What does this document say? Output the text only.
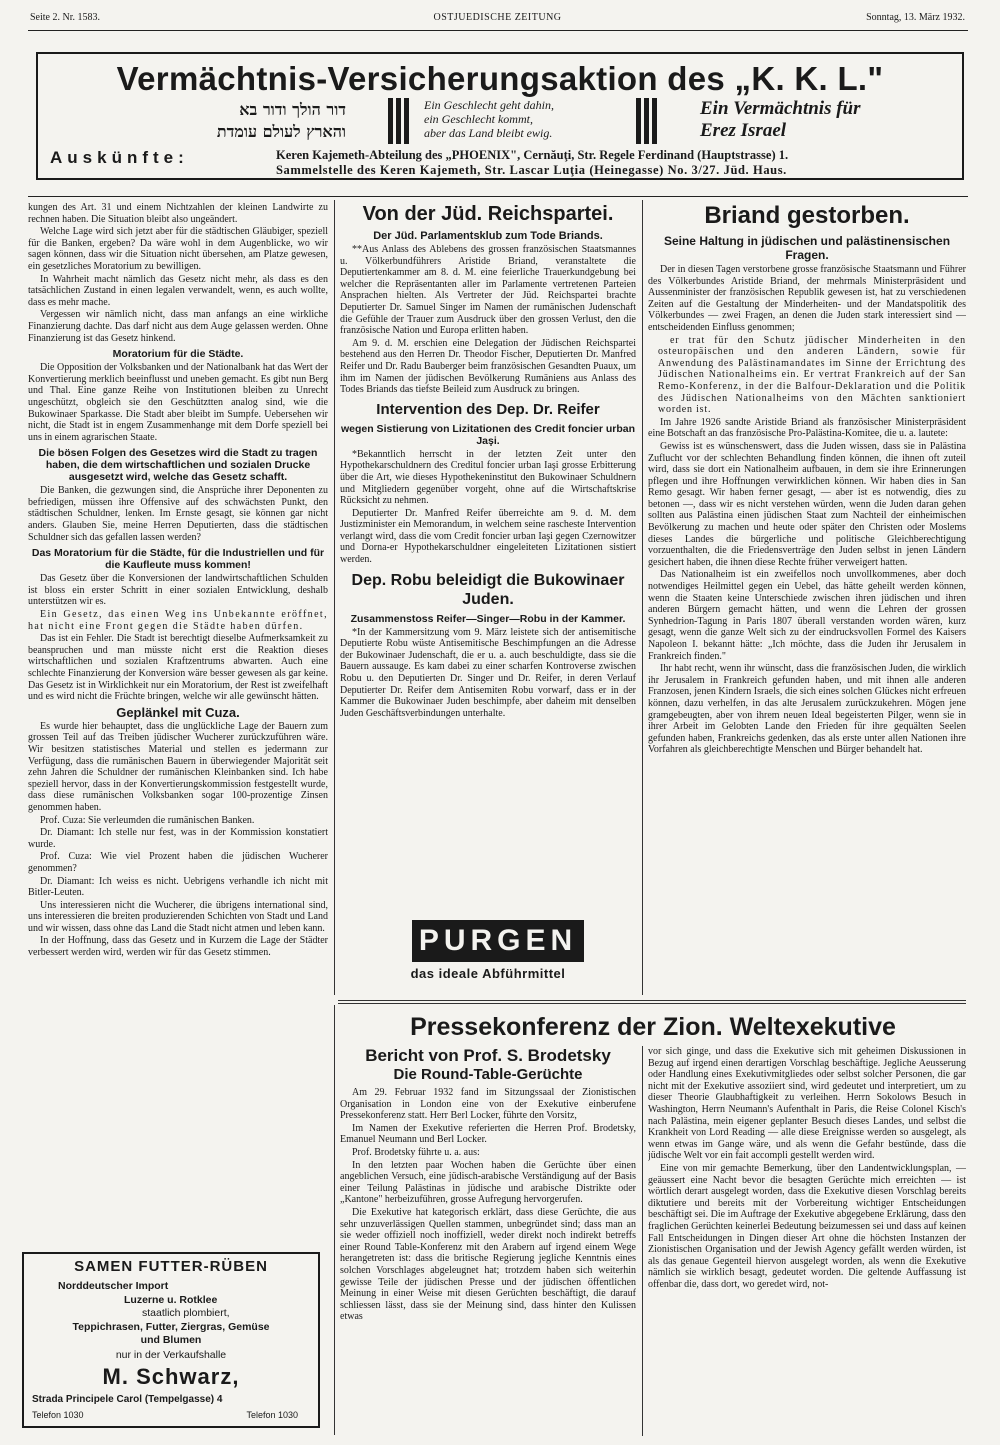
Seite 2. Nr. 1583.	OSTJUEDISCHE ZEITUNG	Sonntag, 13. März 1932.
Vermächtnis-Versicherungsaktion des „K. K. L."
דור הולך ודור בא
והארץ לעולם עומדת
Ein Geschlecht geht dahin,
ein Geschlecht kommt,
aber das Land bleibt ewig.
Ein Vermächtnis für
Erez Israel
Auskünfte:	Keren Kajemeth-Abteilung des „PHOENIX", Cernăuţi, Str. Regele Ferdinand (Hauptstrasse) 1.
Sammelstelle des Keren Kajemeth, Str. Lascar Luţia (Heinegasse) No. 3/27. Jüd. Haus.

kungen des Art. 31 und einem Nichtzahlen der kleinen Landwirte zu rechnen haben. Die Situation bleibt also ungeändert.

Welche Lage wird sich jetzt aber für die städtischen Gläubiger, speziell für die Banken, ergeben? Da wäre wohl in dem Augenblicke, wo wir sagen können, dass wir die Situation nicht übersehen, am Platze gewesen, ein gesetzliches Moratorium zu bewilligen.

In Wahrheit macht nämlich das Gesetz nicht mehr, als dass es den tatsächlichen Zustand in einen legalen verwandelt, wenn, es auch wollte, dass es mehr mache.

Vergessen wir nämlich nicht, dass man anfangs an eine wirkliche Finanzierung dachte. Das darf nicht aus dem Auge gelassen werden. Ohne Finanzierung ist das Gesetz hinkend.

Moratorium für die Städte.

Die Opposition der Volksbanken und der Nationalbank hat das Wert der Konvertierung merklich beeinflusst und uneben gemacht. Es gibt nun Berg und Thal. Eine ganze Reihe von Institutionen bleiben zu Unrecht ungeschützt, obgleich sie den Geschütztten analog sind, wie die Bukowinaer Sparkasse. Die Stadt aber bleibt im Sumpfe. Uebersehen wir nicht, die Stadt ist in engem Zusammenhange mit dem Dorfe speziell bei uns in einem agrarischen Staate.

Die bösen Folgen des Gesetzes wird die Stadt zu tragen haben, die dem wirtschaftlichen und sozialen Drucke ausgesetzt wird, welche das Gesetz schafft.

Die Banken, die gezwungen sind, die Ansprüche ihrer Deponenten zu befriedigen, müssen ihre Offensive auf des schwächsten Punkt, den städtischen Schuldner, lenken. Im Ernste gesagt, sie können gar nicht anders. Glauben Sie, meine Herren Deputierten, dass die städtischen Schuldner sich das gefallen lassen werden?

Das Moratorium für die Städte, für die Industriellen und für die Kaufleute muss kommen!

Das Gesetz über die Konversionen der landwirtschaftlichen Schulden ist bloss ein erster Schritt in einer sozialen Entwicklung, deshalb unterstützen wir es.

Ein Gesetz, das einen Weg ins Unbekannte eröffnet, hat nicht eine Front gegen die Städte haben dürfen.

Das ist ein Fehler. Die Stadt ist berechtigt dieselbe Aufmerksamkeit zu beanspruchen und man müsste nicht erst die Reaktion dieses wirtschaftlichen und sozialen Kraftzentrums abwarten. Auch eine schlechte Finanzierung der Konversion wäre besser gewesen als gar keine. Das Gesetz ist in Wirklichkeit nur ein Moratorium, der Rest ist zweifelhaft und es wird nicht die Früchte bringen, welche wir alle gewünscht hätten.

Geplänkel mit Cuza.

Es wurde hier behauptet, dass die unglückliche Lage der Bauern zum grossen Teil auf das Treiben jüdischer Wucherer zurückzuführen wäre. Wir besitzen statistisches Material und stellen es jedermann zur Verfügung, dass die rumänischen Bauern in überwiegender Majorität seit zehn Jahren die Schuldner der rumänischen Kleinbanken sind. Ich habe speziell hervor, dass in der Konvertierungskommission festgestellt wurde, dass diese rumänischen Volksbanken sogar 100-prozentige Zinsen genommen haben.

Prof. Cuza: Sie verleumden die rumänischen Banken.

Dr. Diamant: Ich stelle nur fest, was in der Kommission konstatiert wurde.

Prof. Cuza: Wie viel Prozent haben die jüdischen Wucherer genommen?

Dr. Diamant: Ich weiss es nicht. Uebrigens verhandle ich nicht mit Bitler-Leuten.

Uns interessieren nicht die Wucherer, die übrigens international sind, uns interessieren die breiten produzierenden Schichten von Stadt und Land und wir wissen, dass ohne das Land die Stadt nicht atmen und leben kann.

In der Hoffnung, dass das Gesetz und in Kurzem die Lage der Städter verbessert werden wird, werden wir für das Gesetz stimmen.

SAMEN FUTTER-RÜBEN
Norddeutscher Import
Luzerne u. Rotklee
staatlich plombiert,
Teppichrasen, Futter, Ziergras, Gemüse
und Blumen
nur in der Verkaufshalle
M. Schwarz,
Strada Principele Carol (Tempelgasse) 4
Telefon 1030	Telefon 1030
Von der Jüd. Reichspartei.
Der Jüd. Parlamentsklub zum Tode Briands.

**Aus Anlass des Ablebens des grossen französischen Staatsmannes u. Völkerbundführers Aristide Briand, veranstaltete die Deputiertenkammer am 8. d. M. eine feierliche Trauerkundgebung bei welcher die Repräsentanten aller im Parlamente vertretenen Parteien Ansprachen hielten. Als Vertreter der Jüd. Reichspartei brachte Deputierter Dr. Samuel Singer im Namen der rumänischen Judenschaft die Gefühle der Trauer zum Ausdruck über den grossen Verlust, den die französische Nation und Europa erlitten haben.

Am 9. d. M. erschien eine Delegation der Jüdischen Reichspartei bestehend aus den Herren Dr. Theodor Fischer, Deputierten Dr. Manfred Reifer und Dr. Radu Bauberger beim französischen Gesandten Puaux, um ihm im Namen der jüdischen Bevölkerung Rumäniens aus Anlass des Todes Briands das tiefste Beileid zum Ausdruck zu bringen.

Intervention des Dep. Dr. Reifer
wegen Sistierung von Lizitationen des Credit foncier urban Jaşi.

*Bekanntlich herrscht in der letzten Zeit unter den Hypothekarschuldnern des Creditul foncier urban Iaşi grosse Erbitterung über die Art, wie dieses Hypothekeninstitut den Bukowinaer Schuldnern und Mitgliedern gegenüber vorgeht, ohne auf die Wirtschaftskrise Rücksicht zu nehmen.

Deputierter Dr. Manfred Reifer überreichte am 9. d. M. dem Justizminister ein Memorandum, in welchem seine rascheste Intervention verlangt wird, dass die vom Credit foncier urban Iaşi gegen Czernowitzer und Dorna-er Hypothekarschuldner eingeleiteten Lizitationen sistiert werden.

Dep. Robu beleidigt die Bukowinaer Juden.
Zusammenstoss Reifer—Singer—Robu in der Kammer.

*In der Kammersitzung vom 9. März leistete sich der antisemitische Deputierte Robu wüste Antisemitische Beschimpfungen an die Adresse der Bukowinaer Judenschaft, die er u. a. auch beschuldigte, dass sie die Bauern aussauge. Es kam dabei zu einer scharfen Kontroverse zwischen Robu u. den Deputierten Dr. Singer und Dr. Reifer, in deren Verlauf Deputierter Dr. Reifer dem Antisemiten Robu vorwarf, dass er in der Kammer die Bukowinaer Juden beschimpfe, aber daheim mit denselben Juden Geschäftsverbindungen unterhalte.

PURGEN
das ideale Abführmittel
Briand gestorben.
Seine Haltung in jüdischen und palästinensischen Fragen.

Der in diesen Tagen verstorbene grosse französische Staatsmann und Führer des Völkerbundes Aristide Briand, der mehrmals Ministerpräsident und Aussenminister der französischen Republik gewesen ist, hat zu verschiedenen Zeiten auf die Gestaltung der Minderheiten- und der Mandatspolitik des Völkerbundes — zwei Fragen, an denen die Juden stark interessiert sind — entscheidenden Einfluss genommen;

er trat für den Schutz jüdischer Minderheiten in den osteuropäischen und den anderen Ländern, sowie für Anwendung des Palästinamandates im Sinne der Errichtung des Jüdischen Nationalheims ein. Er vertrat Frankreich auf der San Remo-Konferenz, in der die Balfour-Deklaration und die Politik des Jüdischen Nationalheims von den Mächten sanktioniert worden ist.

Im Jahre 1926 sandte Aristide Briand als französischer Ministerpräsident eine Botschaft an das französische Pro-Palästina-Komitee, die u. a. lautete:

Gewiss ist es wünschenswert, dass die Juden wissen, dass sie in Palästina Zuflucht vor der schlechten Behandlung finden können, die ihnen oft zuteil wird, dass sie dort ein Nationalheim aufbauen, in dem sie ihre Erinnerungen pflegen und ihre Hoffnungen verwirklichen können. Wir haben dies in San Remo gesagt. Wir haben ferner gesagt, — aber ist es notwendig, dies zu betonen —, dass wir es nicht verstehen würden, wenn die Juden daran gehen sollten aus Palästina einen jüdischen Staat zum Nachteil der einheimischen Bevölkerung zu machen und heute oder später den Christen oder Moslems dieses Landes die bürgerliche und politische Gleichberechtigung vorzuenthalten, die die Friedensverträge den Juden selbst in jenen Ländern gesichert haben, die ihnen diese Rechte früher verweigert hatten.

Das Nationalheim ist ein zweifellos noch unvollkommenes, aber doch notwendiges Heilmittel gegen ein Uebel, das hätte geheilt werden können, wenn die Staaten keine Unterschiede zwischen ihren jüdischen und ihren anderen Bürgern gemacht hätten, und wenn die Lehren der grossen Synhedrion-Tagung in Paris 1807 überall verstanden worden wären, kurz gesagt, wenn die ganze Welt sich zu der eindrucksvollen Formel des Kaisers Napoleon I. bekannt hätte: „Ich möchte, dass die Juden ihr Jerusalem in Frankreich finden."

Ihr habt recht, wenn ihr wünscht, dass die französischen Juden, die wirklich ihr Jerusalem in Frankreich gefunden haben, und mit ihnen alle anderen Franzosen, jenen Kindern Israels, die sich eines solchen Glückes nicht erfreuen können, dazu verhelfen, in das alte Jerusalem zurückzukehren. Mögen jene gramgebeugten, aber von ihrem neuen Ideal begeisterten Pilger, wenn sie in ihrer Arbeit im Gelobten Lande den Frieden für ihre gequälten Seelen gefunden haben, Frankreichs gedenken, das als erste unter allen Nationen ihre Vorfahren als gleichberechtigte Menschen und Bürger behandelt hat.

Pressekonferenz der Zion. Weltexekutive
Bericht von Prof. S. Brodetsky
Die Round-Table-Gerüchte

Am 29. Februar 1932 fand im Sitzungssaal der Zionistischen Organisation in London eine von der Exekutive einberufene Pressekonferenz statt. Herr Berl Locker, führte den Vorsitz,

Im Namen der Exekutive referierten die Herren Prof. Brodetsky, Emanuel Neumann und Berl Locker.

Prof. Brodetsky führte u. a. aus:

In den letzten paar Wochen haben die Gerüchte über einen angeblichen Versuch, eine jüdisch-arabische Verständigung auf der Basis einer Teilung Palästinas in jüdische und arabische Distrikte oder „Kantone" herbeizuführen, grosse Aufregung hervorgerufen.

Die Exekutive hat kategorisch erklärt, dass diese Gerüchte, die aus sehr unzuverlässigen Quellen stammen, unbegründet sind; dass man an sie weder offiziell noch inoffiziell, weder direkt noch indirekt betreffs einer Round Table-Konferenz mit den Arabern auf irgend einem Wege herangetreten ist: dass die britische Regierung jegliche Kenntnis eines solchen Vorschlages abgeleugnet hat; trotzdem haben sich weiterhin gewisse Teile der jüdischen Presse und der jüdischen öffentlichen Meinung in einer Weise mit diesen Gerüchten beschäftigt, die darauf schliessen lässt, dass sie der Meinung sind, dass hinter den Kulissen etwas

vor sich ginge, und dass die Exekutive sich mit geheimen Diskussionen in Bezug auf irgend einen derartigen Vorschlag beschäftige. Jegliche Aeusserung oder Handlung eines Exekutivmitgliedes oder selbst solcher Personen, die gar nicht mit der Exekutive assoziiert sind, wird gedeutet und interpretiert, um zu dieser Theorie Glaubhaftigkeit zu verleihen. Herrn Sokolows Besuch in Washington, Herrn Neumann's Aufenthalt in Paris, die Reise Colonel Kisch's nach Palästina, mein eigener geplanter Besuch dieses Landes, und selbst die Krankheit von Lord Reading — alle diese Ereignisse werden so ausgelegt, als wenn etwas im Gange wäre, und als wenn die Gefahr bestünde, dass die jüdische Welt vor ein fait accompli gestellt werden wird.

Eine von mir gemachte Bemerkung, über den Landentwicklungsplan, — geäussert eine Nacht bevor die besagten Gerüchte mich erreichten — ist wörtlich derart ausgelegt worden, dass die Exekutive diesen Vorschlag bereits diktutiere und bereits mit der Vorbereitung wichtiger Entscheidungen beschäftigt sei. Die im Auftrage der Exekutive abgegebene Erklärung, dass den fraglichen Gerüchten keinerlei Bedeutung beizumessen sei und dass auf keinen Fall Entscheidungen in Dingen dieser Art ohne die höchsten Instanzen der Zionistischen Organisation und der Jewish Agency gefällt werden würden, ist als das genaue Gegenteil hiervon ausgelegt worden, als wenn die Exekutive nämlich sie wirklich besagt, gedeutet worden. Die geltende Auffassung ist offenbar die, dass dort, wo geredet wird, not-
